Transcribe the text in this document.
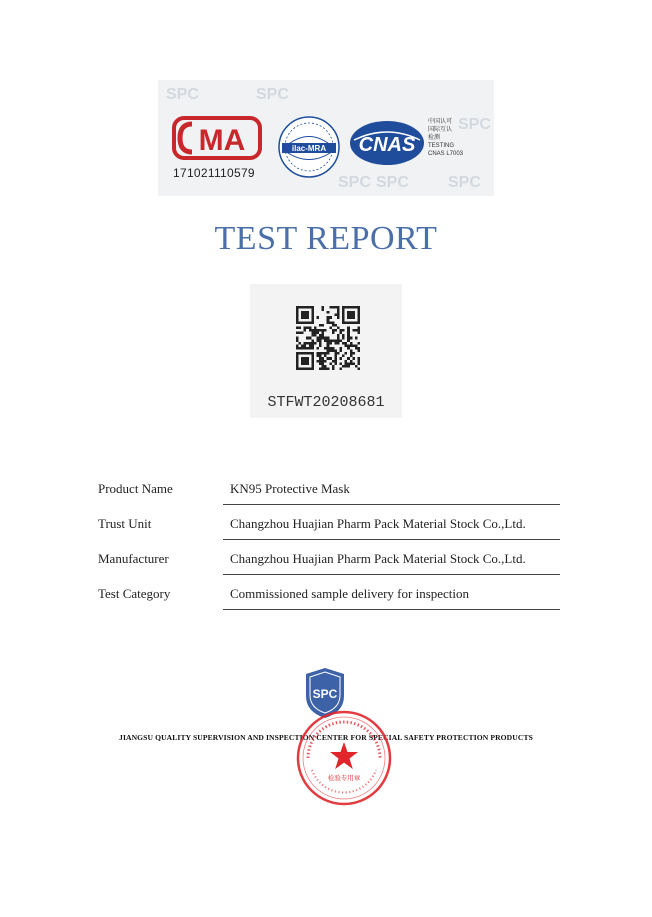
SPC	SPC
SPC
SPC SPC SPC
MA
171021110579
ilac-MRA CNAS
中国认可
国际互认
检测
TESTING
CNAS L7003
TEST REPORT
STFWT20208681
Product Name	KN95 Protective Mask
Trust Unit	Changzhou Huajian Pharm Pack Material Stock Co.,Ltd.
Manufacturer	Changzhou Huajian Pharm Pack Material Stock Co.,Ltd.
Test Category	Commissioned sample delivery for inspection
SPC
JIANGSU QUALITY SUPERVISION AND INSPECTION CENTER FOR SPECIAL SAFETY PROTECTION PRODUCTS
检验专用章
